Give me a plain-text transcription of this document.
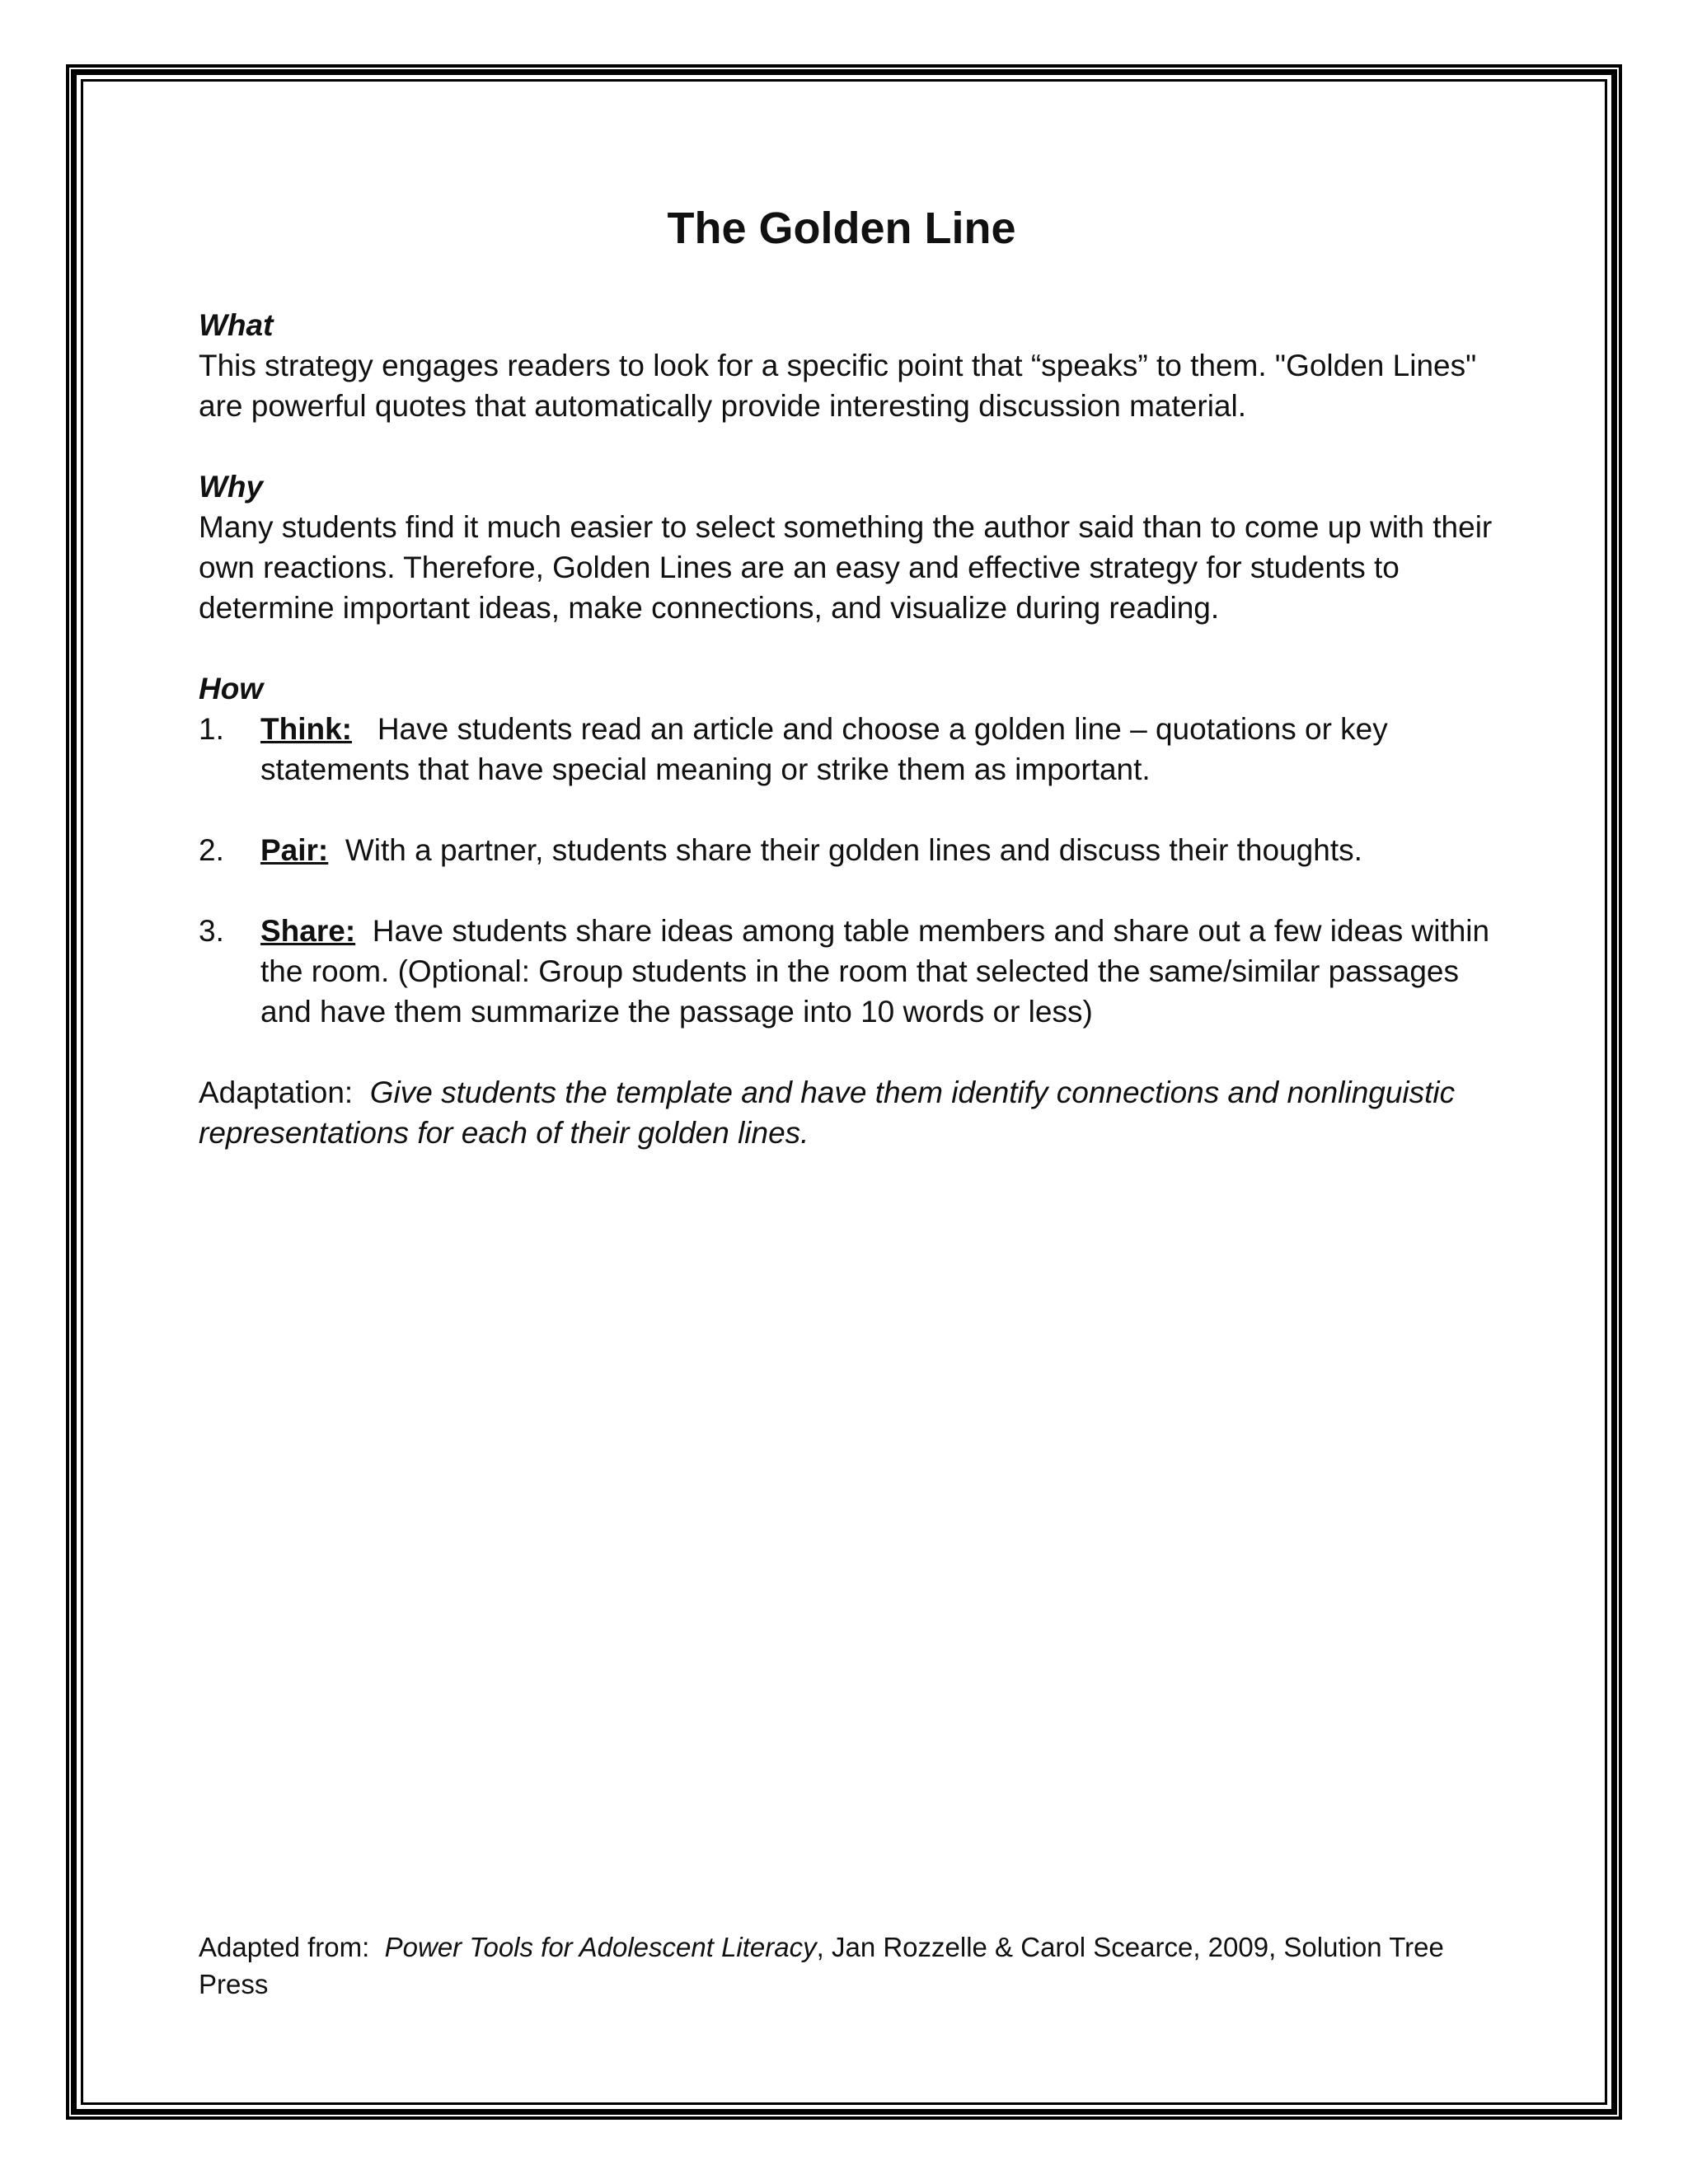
The Golden Line

What

This strategy engages readers to look for a specific point that “speaks” to them. "Golden Lines" are powerful quotes that automatically provide interesting discussion material.

Why

Many students find it much easier to select something the author said than to come up with their own reactions. Therefore, Golden Lines are an easy and effective strategy for students to determine important ideas, make connections, and visualize during reading.

How

1. Think: Have students read an article and choose a golden line – quotations or key statements that have special meaning or strike them as important.
2. Pair: With a partner, students share their golden lines and discuss their thoughts.
3. Share: Have students share ideas among table members and share out a few ideas within the room. (Optional: Group students in the room that selected the same/similar passages and have them summarize the passage into 10 words or less)

Adaptation: Give students the template and have them identify connections and nonlinguistic representations for each of their golden lines.

Adapted from: Power Tools for Adolescent Literacy, Jan Rozzelle & Carol Scearce, 2009, Solution Tree Press
